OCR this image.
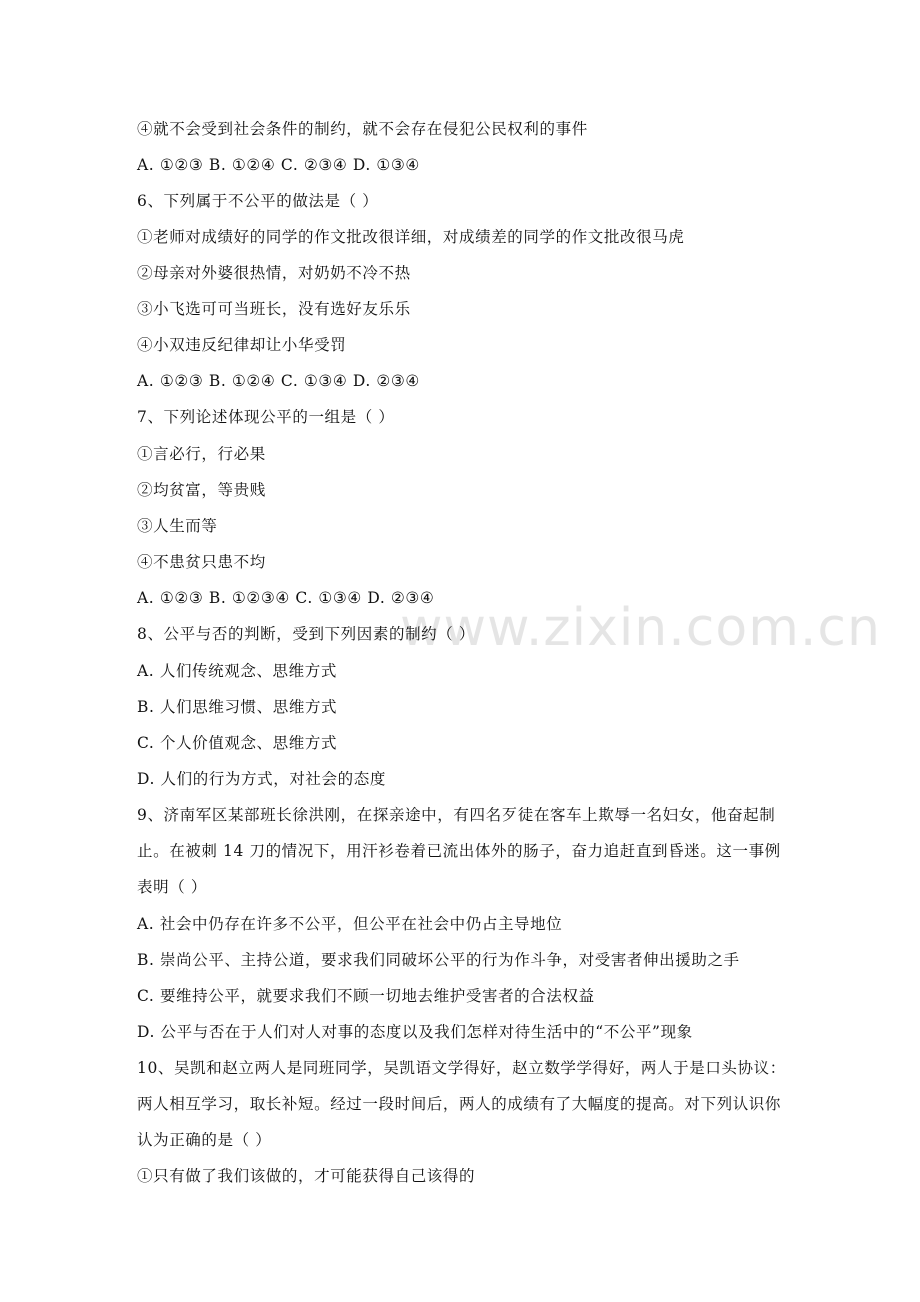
www.zixin.com.cn
④就不会受到社会条件的制约，就不会存在侵犯公民权利的事件
A. ①②③ B. ①②④ C. ②③④ D. ①③④
6、下列属于不公平的做法是（ ）
①老师对成绩好的同学的作文批改很详细，对成绩差的同学的作文批改很马虎
②母亲对外婆很热情，对奶奶不冷不热
③小飞选可可当班长，没有选好友乐乐
④小双违反纪律却让小华受罚
A. ①②③ B. ①②④ C. ①③④ D. ②③④
7、下列论述体现公平的一组是（ ）
①言必行，行必果
②均贫富，等贵贱
③人生而等
④不患贫只患不均
A. ①②③ B. ①②③④ C. ①③④ D. ②③④
8、公平与否的判断，受到下列因素的制约（ ）
A. 人们传统观念、思维方式
B. 人们思维习惯、思维方式
C. 个人价值观念、思维方式
D. 人们的行为方式，对社会的态度
9、济南军区某部班长徐洪刚，在探亲途中，有四名歹徒在客车上欺辱一名妇女，他奋起制
止。在被刺 14 刀的情况下，用汗衫卷着已流出体外的肠子，奋力追赶直到昏迷。这一事例
表明（ ）
A. 社会中仍存在许多不公平，但公平在社会中仍占主导地位
B. 崇尚公平、主持公道，要求我们同破坏公平的行为作斗争，对受害者伸出援助之手
C. 要维持公平，就要求我们不顾一切地去维护受害者的合法权益
D. 公平与否在于人们对人对事的态度以及我们怎样对待生活中的“不公平”现象
10、吴凯和赵立两人是同班同学，吴凯语文学得好，赵立数学学得好，两人于是口头协议：
两人相互学习，取长补短。经过一段时间后，两人的成绩有了大幅度的提高。对下列认识你
认为正确的是（ ）
①只有做了我们该做的，才可能获得自己该得的
